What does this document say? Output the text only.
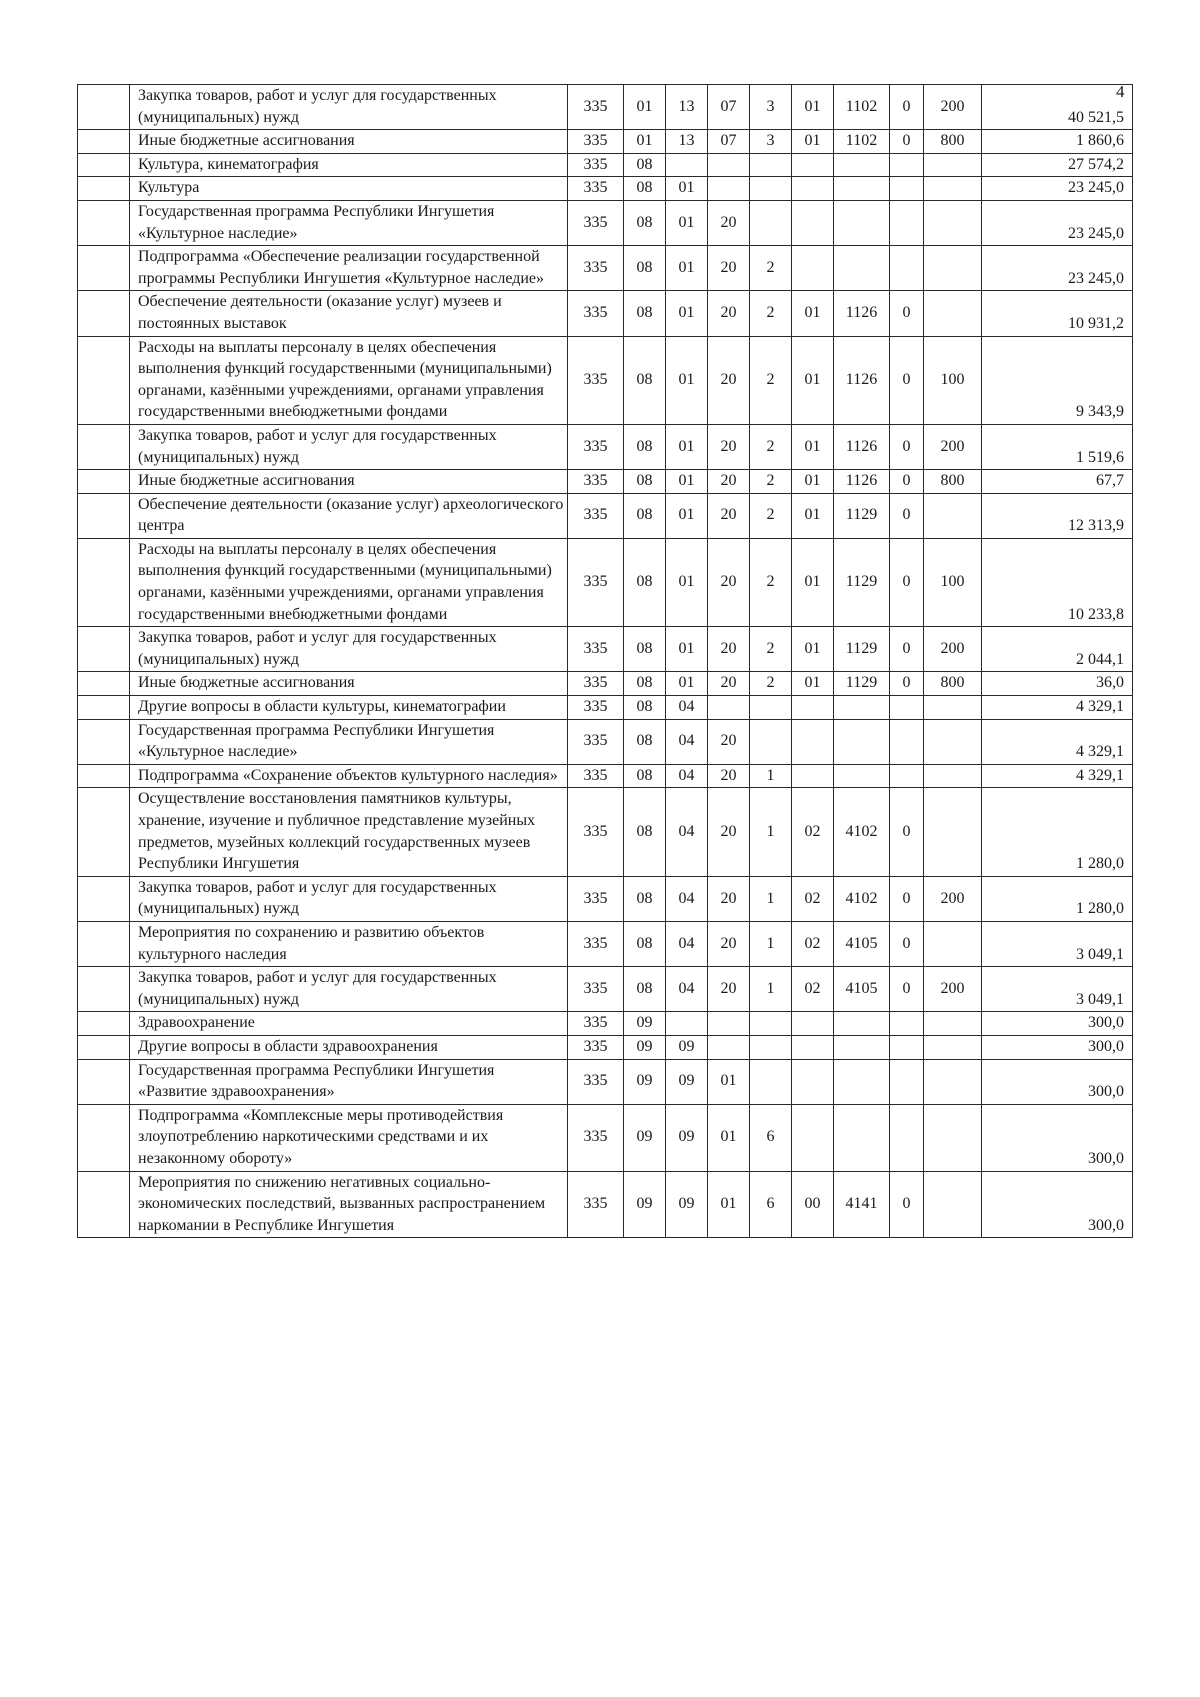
4
	Закупка товаров, работ и услуг для государственных (муниципальных) нужд	335	01	13	07	3	01	1102	0	200	40 521,5
	Иные бюджетные ассигнования	335	01	13	07	3	01	1102	0	800	1 860,6
	Культура, кинематография	335	08								27 574,2
	Культура	335	08	01							23 245,0
	Государственная программа Республики Ингушетия «Культурное наследие»	335	08	01	20						23 245,0
	Подпрограмма «Обеспечение реализации государственной программы Республики Ингушетия «Культурное наследие»	335	08	01	20	2					23 245,0
	Обеспечение деятельности (оказание услуг) музеев и постоянных выставок	335	08	01	20	2	01	1126	0		10 931,2
	Расходы на выплаты персоналу в целях обеспечения выполнения функций государственными (муниципальными) органами, казёнными учреждениями, органами управления государственными внебюджетными фондами	335	08	01	20	2	01	1126	0	100	9 343,9
	Закупка товаров, работ и услуг для государственных (муниципальных) нужд	335	08	01	20	2	01	1126	0	200	1 519,6
	Иные бюджетные ассигнования	335	08	01	20	2	01	1126	0	800	67,7
	Обеспечение деятельности (оказание услуг) археологического центра	335	08	01	20	2	01	1129	0		12 313,9
	Расходы на выплаты персоналу в целях обеспечения выполнения функций государственными (муниципальными) органами, казёнными учреждениями, органами управления государственными внебюджетными фондами	335	08	01	20	2	01	1129	0	100	10 233,8
	Закупка товаров, работ и услуг для государственных (муниципальных) нужд	335	08	01	20	2	01	1129	0	200	2 044,1
	Иные бюджетные ассигнования	335	08	01	20	2	01	1129	0	800	36,0
	Другие вопросы в области культуры, кинематографии	335	08	04							4 329,1
	Государственная программа Республики Ингушетия «Культурное наследие»	335	08	04	20						4 329,1
	Подпрограмма «Сохранение объектов культурного наследия»	335	08	04	20	1					4 329,1
	Осуществление восстановления памятников культуры, хранение, изучение и публичное представление музейных предметов, музейных коллекций государственных музеев Республики Ингушетия	335	08	04	20	1	02	4102	0		1 280,0
	Закупка товаров, работ и услуг для государственных (муниципальных) нужд	335	08	04	20	1	02	4102	0	200	1 280,0
	Мероприятия по сохранению и развитию объектов культурного наследия	335	08	04	20	1	02	4105	0		3 049,1
	Закупка товаров, работ и услуг для государственных (муниципальных) нужд	335	08	04	20	1	02	4105	0	200	3 049,1
	Здравоохранение	335	09								300,0
	Другие вопросы в области здравоохранения	335	09	09							300,0
	Государственная программа Республики Ингушетия «Развитие здравоохранения»	335	09	09	01						300,0
	Подпрограмма «Комплексные меры противодействия злоупотреблению наркотическими средствами и их незаконному обороту»	335	09	09	01	6					300,0
	Мероприятия по снижению негативных социально-экономических последствий, вызванных распространением наркомании в Республике Ингушетия	335	09	09	01	6	00	4141	0		300,0
